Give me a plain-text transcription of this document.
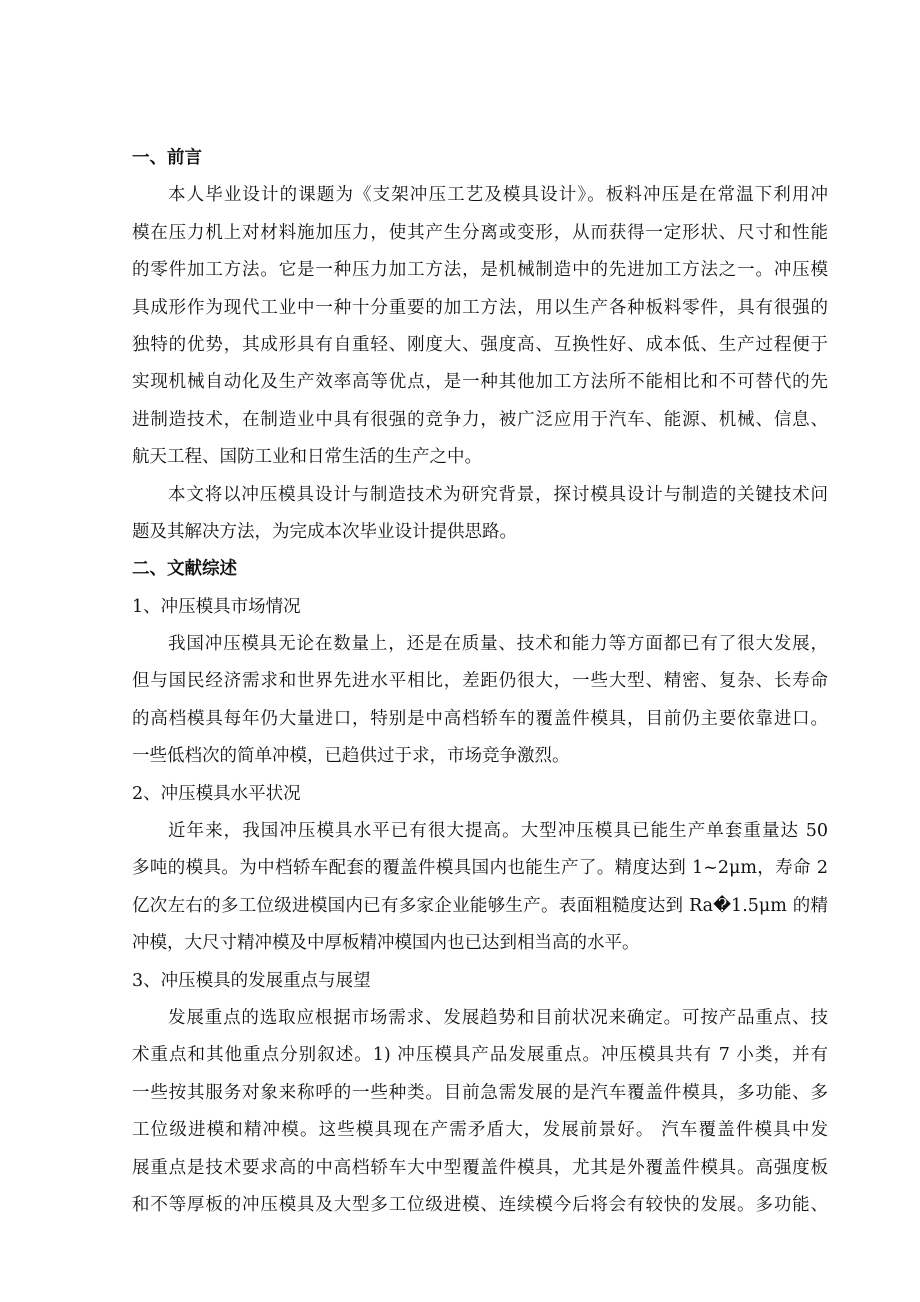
一、前言
本人毕业设计的课题为《支架冲压工艺及模具设计》。板料冲压是在常温下利用冲
模在压力机上对材料施加压力，使其产生分离或变形，从而获得一定形状、尺寸和性能
的零件加工方法。它是一种压力加工方法，是机械制造中的先进加工方法之一。冲压模
具成形作为现代工业中一种十分重要的加工方法，用以生产各种板料零件，具有很强的
独特的优势，其成形具有自重轻、刚度大、强度高、互换性好、成本低、生产过程便于
实现机械自动化及生产效率高等优点，是一种其他加工方法所不能相比和不可替代的先
进制造技术，在制造业中具有很强的竞争力，被广泛应用于汽车、能源、机械、信息、
航天工程、国防工业和日常生活的生产之中。
本文将以冲压模具设计与制造技术为研究背景，探讨模具设计与制造的关键技术问
题及其解决方法，为完成本次毕业设计提供思路。
二、文献综述
1、冲压模具市场情况
我国冲压模具无论在数量上，还是在质量、技术和能力等方面都已有了很大发展，
但与国民经济需求和世界先进水平相比，差距仍很大，一些大型、精密、复杂、长寿命
的高档模具每年仍大量进口，特别是中高档轿车的覆盖件模具，目前仍主要依靠进口。
一些低档次的简单冲模，已趋供过于求，市场竞争激烈。
2、冲压模具水平状况
近年来，我国冲压模具水平已有很大提高。大型冲压模具已能生产单套重量达 50
多吨的模具。为中档轿车配套的覆盖件模具国内也能生产了。精度达到 1~2μm，寿命 2
亿次左右的多工位级进模国内已有多家企业能够生产。表面粗糙度达到 Ra�1.5μm 的精
冲模，大尺寸精冲模及中厚板精冲模国内也已达到相当高的水平。
3、冲压模具的发展重点与展望
发展重点的选取应根据市场需求、发展趋势和目前状况来确定。可按产品重点、技
术重点和其他重点分别叙述。1) 冲压模具产品发展重点。冲压模具共有 7 小类，并有
一些按其服务对象来称呼的一些种类。目前急需发展的是汽车覆盖件模具，多功能、多
工位级进模和精冲模。这些模具现在产需矛盾大，发展前景好。 汽车覆盖件模具中发
展重点是技术要求高的中高档轿车大中型覆盖件模具，尤其是外覆盖件模具。高强度板
和不等厚板的冲压模具及大型多工位级进模、连续模今后将会有较快的发展。多功能、
